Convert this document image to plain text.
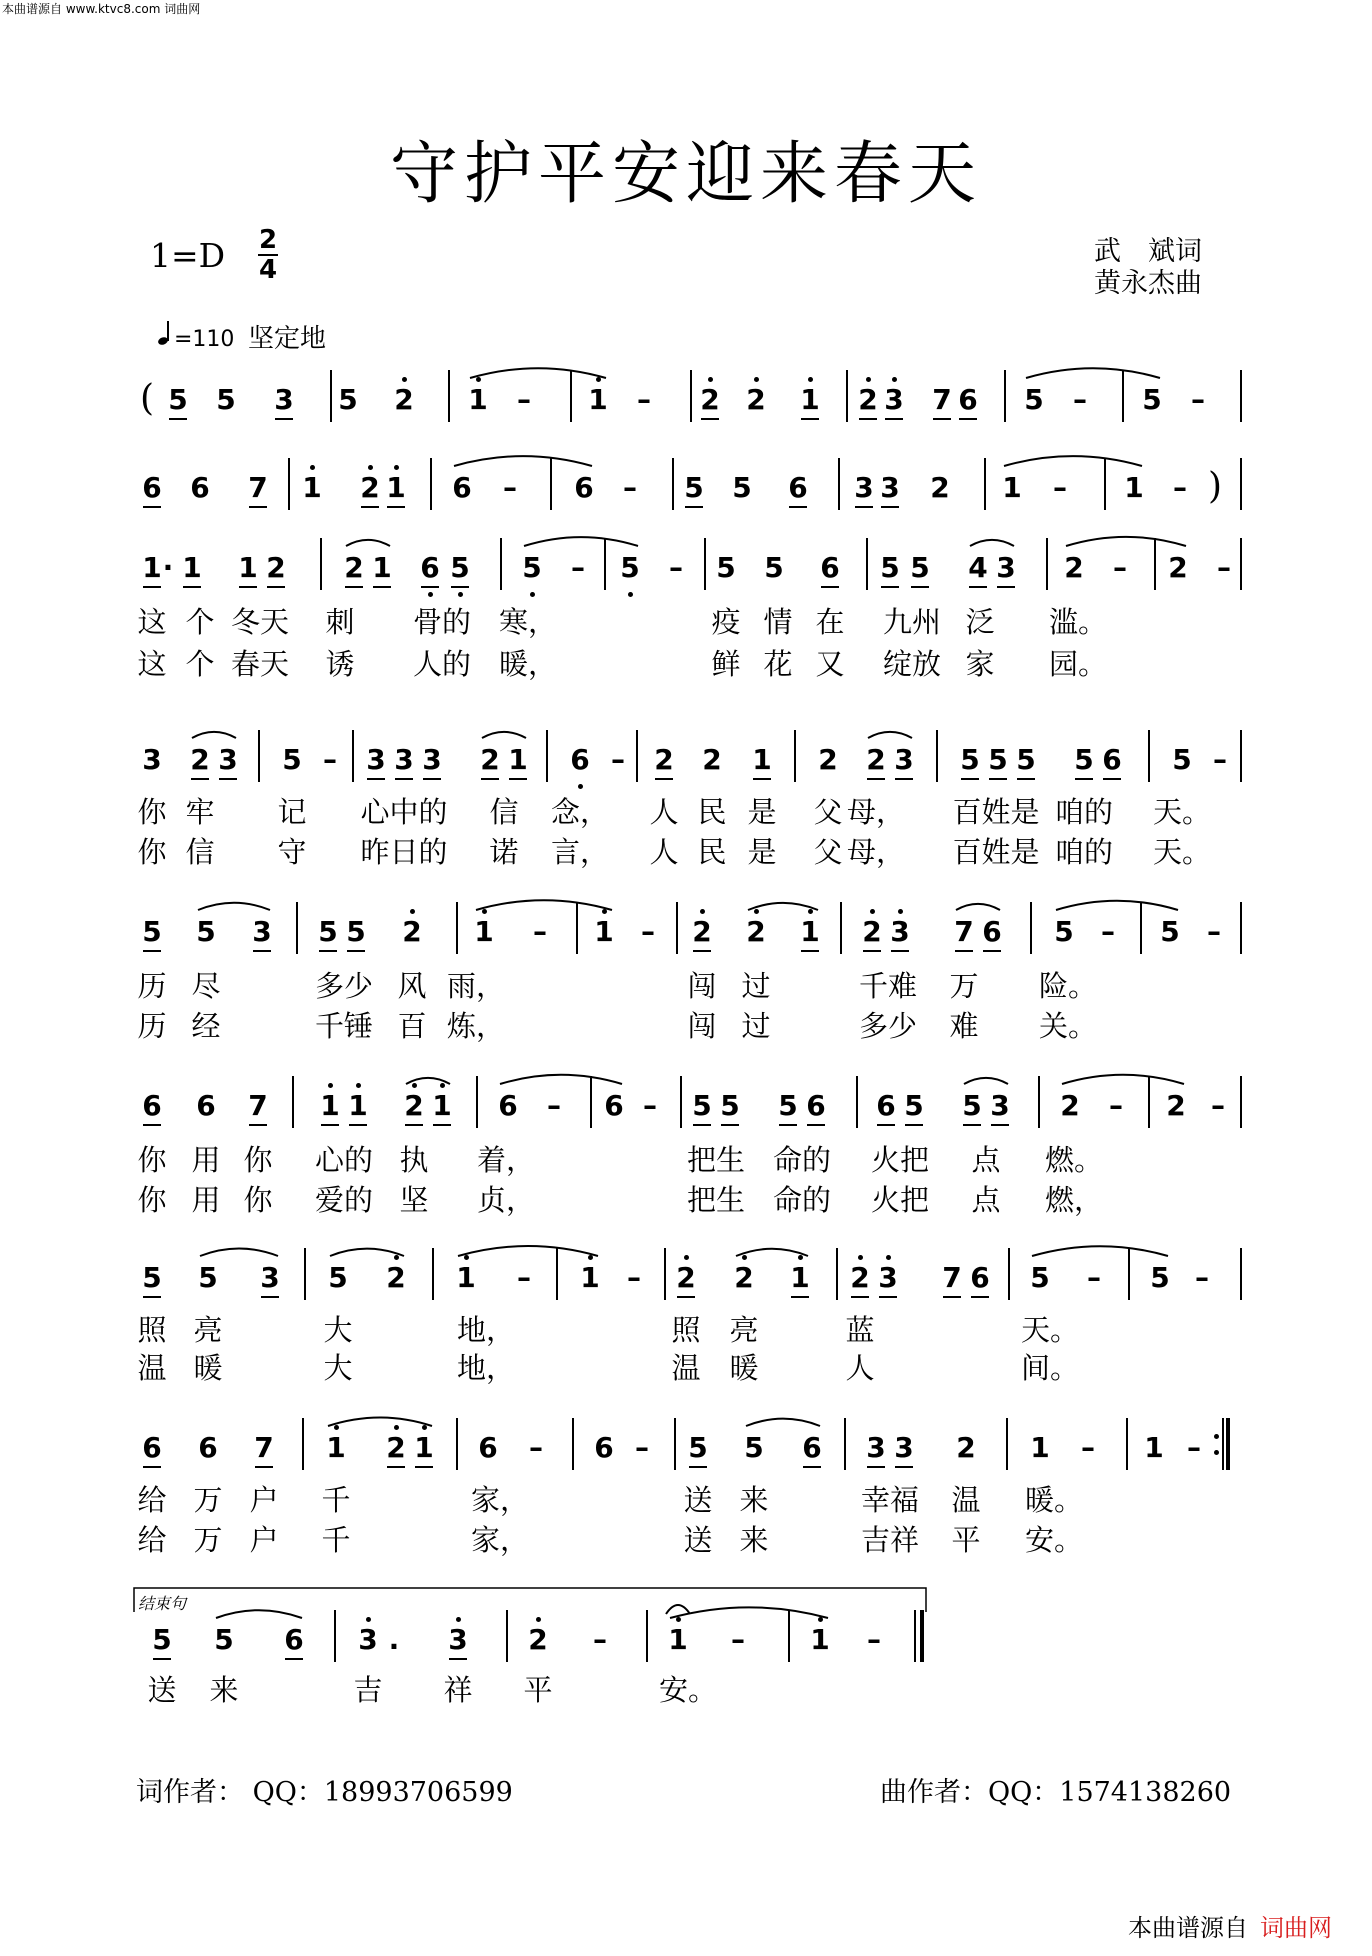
本曲谱源自 www.ktvc8.com 词曲网
守护平安迎来春天
1=D 2
4
=110 坚定地
武　斌词
黄永杰曲
( 5 5 3 5 2 1 – 1 – 2 2 1 2 3 7 6 5 – 5 –
6 6 7 1 2 1 6 – 6 – 5 5 6 3 3 2 1 – 1 – )
1 · 1 1 2 2 1 6 5 5 – 5 – 5 5 6 5 5 4 3 2 – 2 –
这 个 冬天 刺 骨的 寒，	疫 情 在 九州 泛 滥。
这 个 春天 诱 人的 暖，	鲜 花 又 绽放 家 园。
3 2 3 5 – 3 3 3 2 1 6 – 2 2 1 2 2 3 5 5 5 5 6 5 –
你 牢 记 心中的 信 念， 人 民 是 父 母， 百姓是 咱的 天。
你 信 守 昨日的 诺 言， 人 民 是 父 母， 百姓是 咱的 天。
5 5 3 5 5 2 1 – 1 – 2 2 1 2 3 7 6 5 – 5 –
历 尽	多少 风 雨，	闯 过	千难 万 险。
历 经	千锤 百 炼，	闯 过	多少 难 关。
6 6 7 1 1 2 1 6 – 6 – 5 5 5 6 6 5 5 3 2 – 2 –
你 用 你 心的 执 着，	把生 命的 火把 点 燃。
你 用 你 爱的 坚 贞，	把生 命的 火把 点 燃，
5 5 3 5 2 1 – 1 – 2 2 1 2 3 7 6 5 – 5 –
照 亮	大	地，	照 亮	蓝	天。
温 暖	大	地，	温 暖	人	间。
6 6 7 1 2 1 6 – 6 – 5 5 6 3 3 2 1 – 1 –
给 万 户 千	家，	送 来	幸福 温 暖。
给 万 户 千	家，	送 来	吉祥 平 安。
5 5 6 3 . 3 2 – 1 – 1 –
送 来	吉 祥 平	安。
结束句
词作者： QQ：18993706599	曲作者：QQ：1574138260
本曲谱源自 词曲网
